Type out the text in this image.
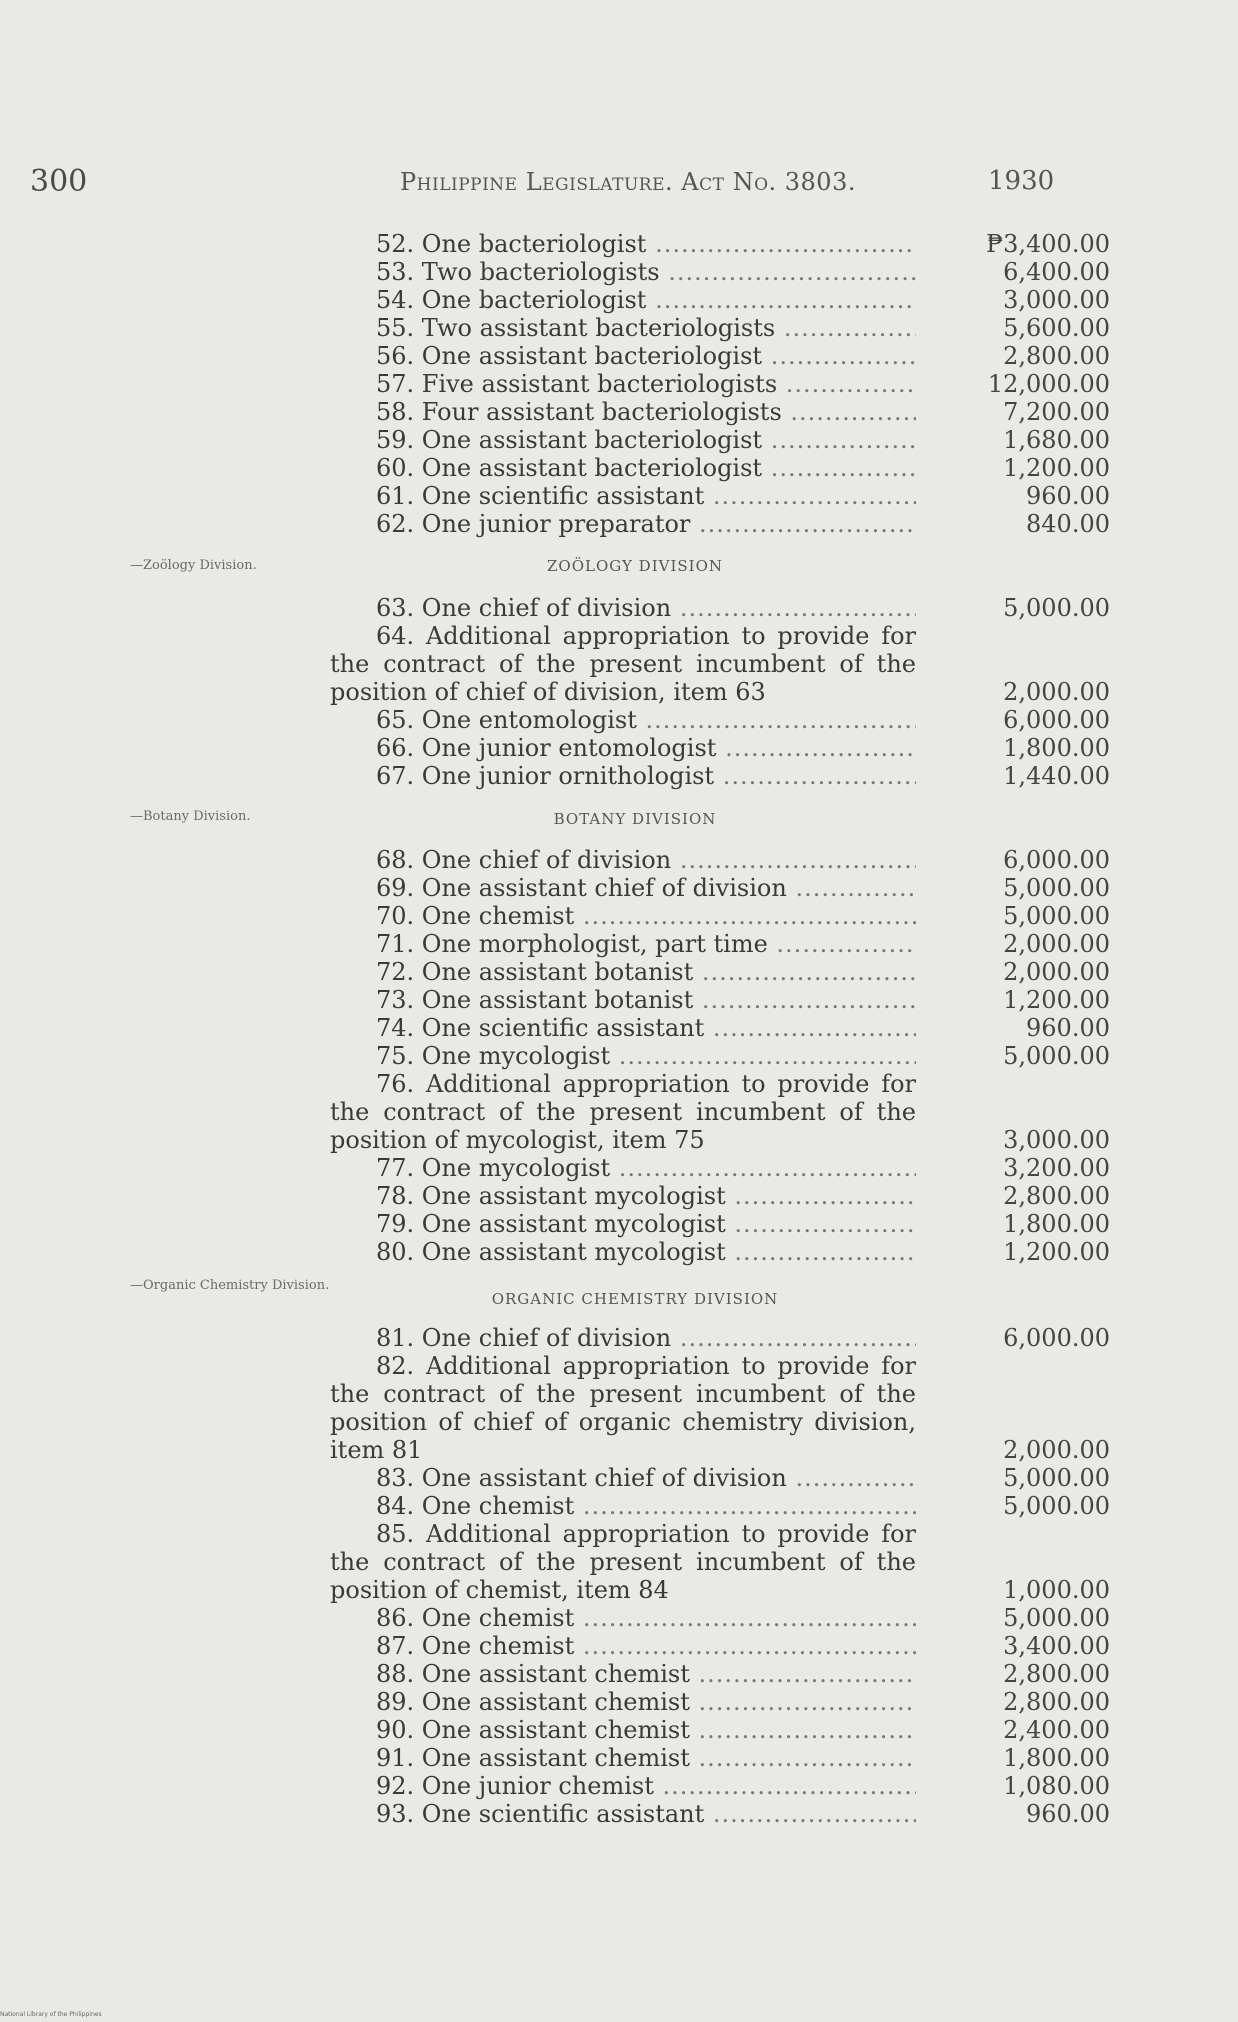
300	Philippine Legislature. Act No. 3803.	1930
52. One bacteriologist .....	₱3,400.00
53. Two bacteriologists .....	6,400.00
54. One bacteriologist .....	3,000.00
55. Two assistant bacteriologists .....	5,600.00
56. One assistant bacteriologist .....	2,800.00
57. Five assistant bacteriologists .....	12,000.00
58. Four assistant bacteriologists .....	7,200.00
59. One assistant bacteriologist .....	1,680.00
60. One assistant bacteriologist .....	1,200.00
61. One scientific assistant .....	960.00
62. One junior preparator .....	840.00
—Zoölogy Division.	ZOÖLOGY DIVISION
63. One chief of division .....	5,000.00
64. Additional appropriation to provide for the contract of the present incumbent of the position of chief of division, item 63	2,000.00
65. One entomologist .....	6,000.00
66. One junior entomologist .....	1,800.00
67. One junior ornithologist .....	1,440.00
—Botany Division.	BOTANY DIVISION
68. One chief of division .....	6,000.00
69. One assistant chief of division .....	5,000.00
70. One chemist .....	5,000.00
71. One morphologist, part time .....	2,000.00
72. One assistant botanist .....	2,000.00
73. One assistant botanist .....	1,200.00
74. One scientific assistant .....	960.00
75. One mycologist .....	5,000.00
76. Additional appropriation to provide for the contract of the present incumbent of the position of mycologist, item 75	3,000.00
77. One mycologist .....	3,200.00
78. One assistant mycologist .....	2,800.00
79. One assistant mycologist .....	1,800.00
80. One assistant mycologist .....	1,200.00
—Organic Chemistry Division.
ORGANIC CHEMISTRY DIVISION
81. One chief of division .....	6,000.00
82. Additional appropriation to provide for the contract of the present incumbent of the position of chief of organic chemistry division, item 81	2,000.00
83. One assistant chief of division .....	5,000.00
84. One chemist .....	5,000.00
85. Additional appropriation to provide for the contract of the present incumbent of the position of chemist, item 84	1,000.00
86. One chemist .....	5,000.00
87. One chemist .....	3,400.00
88. One assistant chemist .....	2,800.00
89. One assistant chemist .....	2,800.00
90. One assistant chemist .....	2,400.00
91. One assistant chemist .....	1,800.00
92. One junior chemist .....	1,080.00
93. One scientific assistant .....	960.00
National Library of the Philippines
